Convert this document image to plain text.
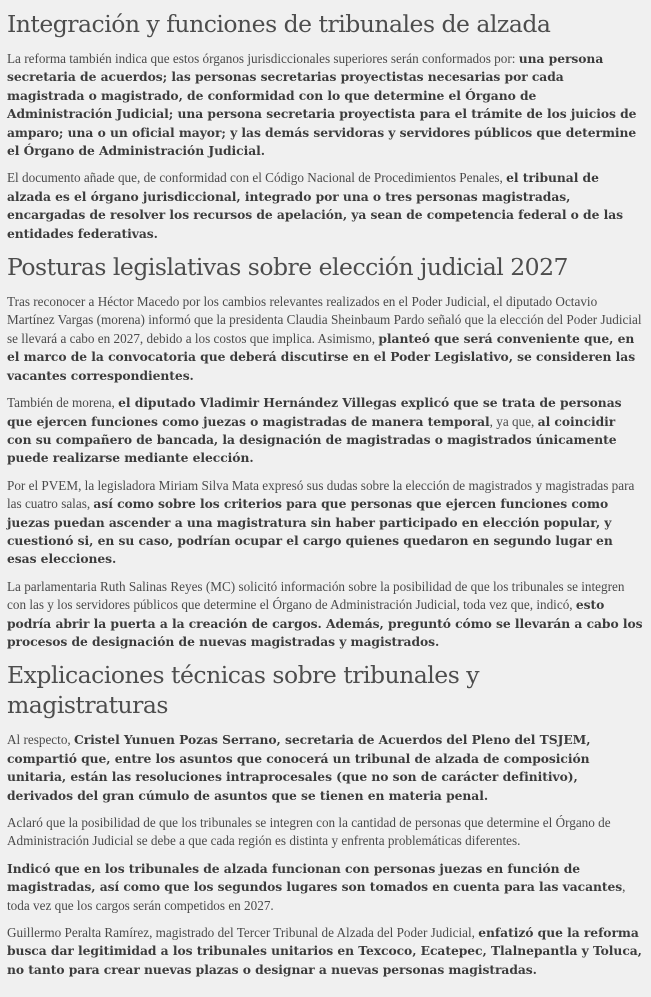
Integración y funciones de tribunales de alzada

La reforma también indica que estos órganos jurisdiccionales superiores serán conformados por: una persona secretaria de acuerdos; las personas secretarias proyectistas necesarias por cada magistrada o magistrado, de conformidad con lo que determine el Órgano de Administración Judicial; una persona secretaria proyectista para el trámite de los juicios de amparo; una o un oficial mayor; y las demás servidoras y servidores públicos que determine el Órgano de Administración Judicial.

El documento añade que, de conformidad con el Código Nacional de Procedimientos Penales, el tribunal de alzada es el órgano jurisdiccional, integrado por una o tres personas magistradas, encargadas de resolver los recursos de apelación, ya sean de competencia federal o de las entidades federativas.

Posturas legislativas sobre elección judicial 2027

Tras reconocer a Héctor Macedo por los cambios relevantes realizados en el Poder Judicial, el diputado Octavio Martínez Vargas (morena) informó que la presidenta Claudia Sheinbaum Pardo señaló que la elección del Poder Judicial se llevará a cabo en 2027, debido a los costos que implica. Asimismo, planteó que será conveniente que, en el marco de la convocatoria que deberá discutirse en el Poder Legislativo, se consideren las vacantes correspondientes.

También de morena, el diputado Vladimir Hernández Villegas explicó que se trata de personas que ejercen funciones como juezas o magistradas de manera temporal, ya que, al coincidir con su compañero de bancada, la designación de magistradas o magistrados únicamente puede realizarse mediante elección.

Por el PVEM, la legisladora Miriam Silva Mata expresó sus dudas sobre la elección de magistrados y magistradas para las cuatro salas, así como sobre los criterios para que personas que ejercen funciones como juezas puedan ascender a una magistratura sin haber participado en elección popular, y cuestionó si, en su caso, podrían ocupar el cargo quienes quedaron en segundo lugar en esas elecciones.

La parlamentaria Ruth Salinas Reyes (MC) solicitó información sobre la posibilidad de que los tribunales se integren con las y los servidores públicos que determine el Órgano de Administración Judicial, toda vez que, indicó, esto podría abrir la puerta a la creación de cargos. Además, preguntó cómo se llevarán a cabo los procesos de designación de nuevas magistradas y magistrados.

Explicaciones técnicas sobre tribunales y magistraturas

Al respecto, Cristel Yunuen Pozas Serrano, secretaria de Acuerdos del Pleno del TSJEM, compartió que, entre los asuntos que conocerá un tribunal de alzada de composición unitaria, están las resoluciones intraprocesales (que no son de carácter definitivo), derivados del gran cúmulo de asuntos que se tienen en materia penal.

Aclaró que la posibilidad de que los tribunales se integren con la cantidad de personas que determine el Órgano de Administración Judicial se debe a que cada región es distinta y enfrenta problemáticas diferentes.

Indicó que en los tribunales de alzada funcionan con personas juezas en función de magistradas, así como que los segundos lugares son tomados en cuenta para las vacantes, toda vez que los cargos serán competidos en 2027.

Guillermo Peralta Ramírez, magistrado del Tercer Tribunal de Alzada del Poder Judicial, enfatizó que la reforma busca dar legitimidad a los tribunales unitarios en Texcoco, Ecatepec, Tlalnepantla y Toluca, no tanto para crear nuevas plazas o designar a nuevas personas magistradas.
